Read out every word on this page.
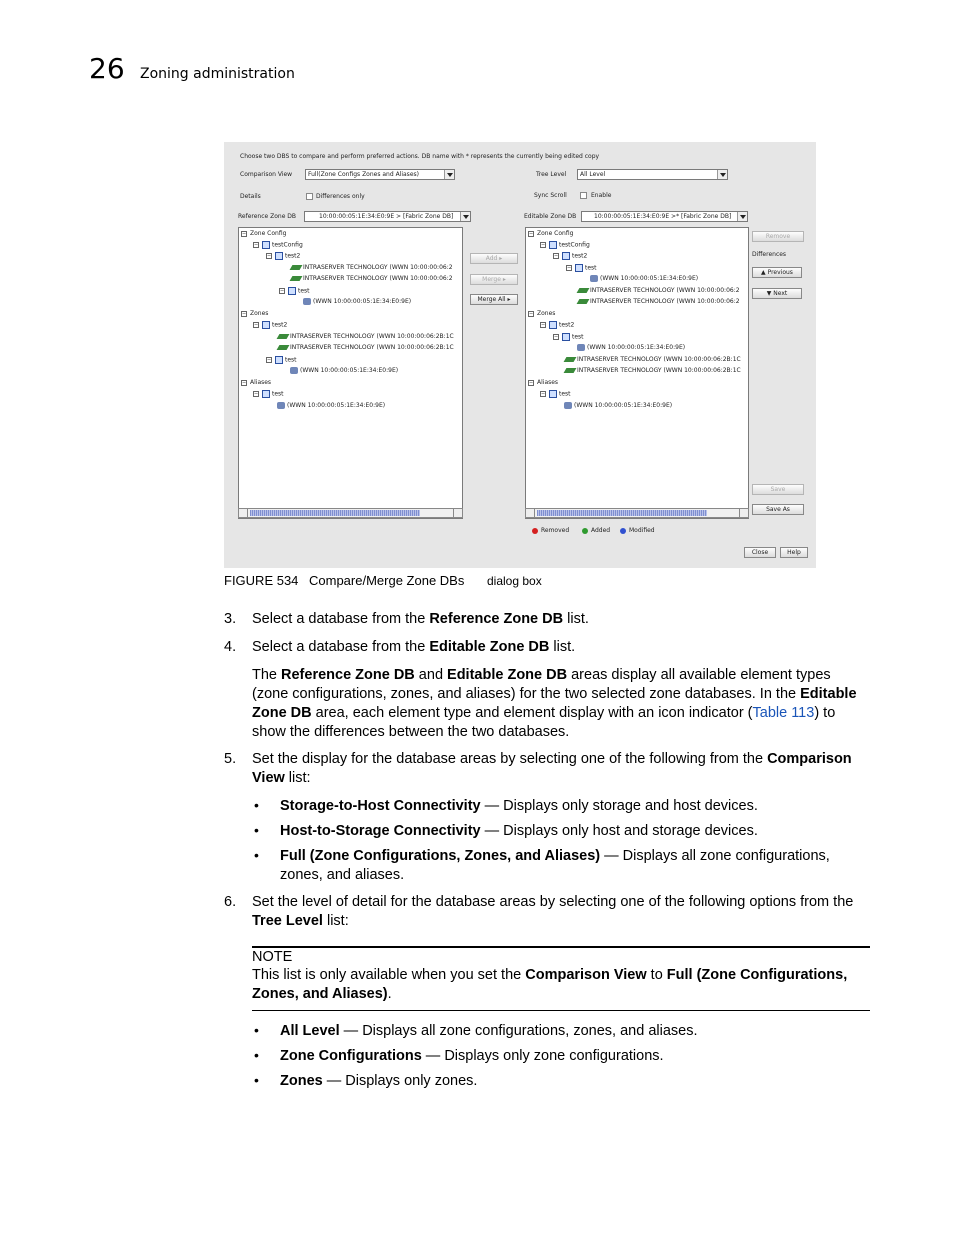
26 Zoning administration
Choose two DBS to compare and perform preferred actions. DB name with * represents the currently being edited copy
Comparison View	Full(Zone Configs Zones and Aliases)	Tree Level	All Level
Details	Differences only	Sync Scroll	Enable
Reference Zone DB	10:00:00:05:1E:34:E0:9E > [Fabric Zone DB]	Editable Zone DB	10:00:00:05:1E:34:E0:9E >* [Fabric Zone DB]
− Zone Config
− testConfig
− test2
INTRASERVER TECHNOLOGY (WWN 10:00:00:06:2
INTRASERVER TECHNOLOGY (WWN 10:00:00:06:2
− test
(WWN 10:00:00:05:1E:34:E0:9E)
− Zones
− test2
INTRASERVER TECHNOLOGY (WWN 10:00:00:06:2B:1C
INTRASERVER TECHNOLOGY (WWN 10:00:00:06:2B:1C
− test
(WWN 10:00:00:05:1E:34:E0:9E)
− Aliases
− test
(WWN 10:00:00:05:1E:34:E0:9E)
Add ▸
Merge ▸
Merge All ▸
− Zone Config
− testConfig
− test2
− test
(WWN 10:00:00:05:1E:34:E0:9E)
INTRASERVER TECHNOLOGY (WWN 10:00:00:06:2
INTRASERVER TECHNOLOGY (WWN 10:00:00:06:2
− Zones
− test2
− test
(WWN 10:00:00:05:1E:34:E0:9E)
INTRASERVER TECHNOLOGY (WWN 10:00:00:06:2B:1C
INTRASERVER TECHNOLOGY (WWN 10:00:00:06:2B:1C
− Aliases
− test
(WWN 10:00:00:05:1E:34:E0:9E)
Remove
Differences
▲ Previous
▼ Next
Save
Save As
Removed	Added	Modified
Close	Help
FIGURE 534 Compare/Merge Zone DBs dialog box
3. Select a database from the Reference Zone DB list.
4. Select a database from the Editable Zone DB list.
The Reference Zone DB and Editable Zone DB areas display all available element types (zone configurations, zones, and aliases) for the two selected zone databases. In the Editable Zone DB area, each element type and element display with an icon indicator (Table 113) to show the differences between the two databases.
5. Set the display for the database areas by selecting one of the following from the Comparison View list:
• Storage-to-Host Connectivity — Displays only storage and host devices.
• Host-to-Storage Connectivity — Displays only host and storage devices.
• Full (Zone Configurations, Zones, and Aliases) — Displays all zone configurations, zones, and aliases.
6. Set the level of detail for the database areas by selecting one of the following options from the Tree Level list:
NOTE
This list is only available when you set the Comparison View to Full (Zone Configurations, Zones, and Aliases).
• All Level — Displays all zone configurations, zones, and aliases.
• Zone Configurations — Displays only zone configurations.
• Zones — Displays only zones.
